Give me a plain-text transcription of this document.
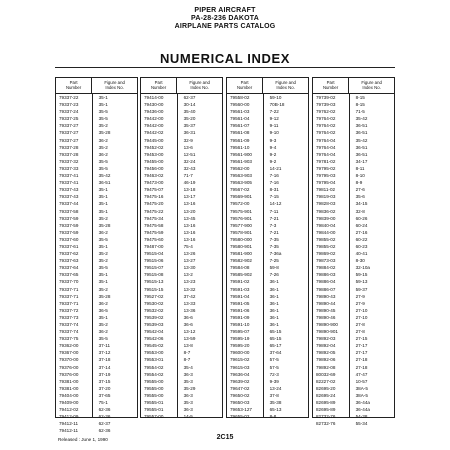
PIPER AIRCRAFT
PA-28-236 DAKOTA
AIRPLANE PARTS CATALOG
NUMERICAL INDEX
Part
Number
Figure and
Index No.
79337-22	35-1
79337-23	35-1
79337-24	35-5
79337-25	35-5
79337-27	35-2
79337-27	35-28
79337-27	36-2
79337-28	35-2
79337-28	36-2
79337-32	35-5
79337-33	35-5
79337-41	35-42
79337-41	36-51
79337-43	35-1
79337-43	35-1
79337-44	35-1
79337-58	35-1
79337-59	35-2
79337-59	35-28
79337-59	36-2
79337-60	35-5
79337-61	35-1
79337-62	35-2
79337-63	35-2
79337-64	35-5
79337-65	35-1
79337-70	35-1
79337-71	35-2
79337-71	35-28
79337-71	36-2
79337-72	36-5
79337-73	35-1
79337-74	35-2
79337-74	36-2
79337-75	35-5
79362-00	37-11
79367-00	37-12
79370-00	37-18
79376-00	37-14
79376-00	37-19
79381-00	37-15
79381-00	37-20
79404-00	37-65
79409-00	75-1
79412-02	62-36
79412-09	62-36
79412-11	62-37
79412-11	62-36
Part
Number
Figure and
Index No.
79414-00	62-37
79430-00	30-14
79436-00	35-40
79442-00	35-20
79442-00	35-37
79442-02	36-31
79445-00	32-9
79452-02	13-6
79453-00	12-51
79455-00	32-24
79456-00	32-43
79463-02	71-7
79473-00	46-19
79475-07	13-18
79475-16	13-17
79475-20	13-16
79475-22	13-20
79475-34	13-45
79475-58	13-16
79475-59	13-16
79475-60	13-16
79487-00	75-4
79515-04	13-26
79515-06	13-27
79515-07	13-30
79515-08	13-2
79515-13	13-23
79515-15	13-32
79527-02	37-42
79530-02	13-33
79532-02	13-36
79539-02	36-6
79539-03	36-6
79542-04	13-12
79542-06	13-59
79545-02	13-8
79553-00	8-7
79553-01	8-7
79554-02	35-4
79554-02	36-3
79555-00	35-3
79555-00	35-29
79555-00	36-3
79555-01	35-3
79555-01	36-3
79557-00	14-5
Part
Number
Figure and
Index No.
79558-02	59-10
79560-00	70B-18
79561-03	7-22
79561-04	9-12
79561-07	9-11
79561-08	9-10
79561-09	9-3
79561-10	9-4
79561-900	9-2
79561-903	9-2
79562-00	14-21
79563-903	7-16
79563-905	7-16
79567-02	8-31
79569-901	7-15
79572-00	14-12
79575-901	7-11
79576-901	7-21
79577-900	7-3
79578-901	7-21
79580-000	7-35
79580-901	7-35
79581-900	7-36a
79582-902	7-25
79584-08	59-8
79585-902	7-26
79591-02	36-1
79591-03	36-1
79591-04	36-1
79591-05	36-1
79591-06	36-1
79591-09	36-1
79591-10	36-1
79595-07	65-15
79595-19	65-15
79595-20	65-17
79600-00	37-64
79615-02	57-5
79615-03	57-5
79636-04	72-3
79639-02	9-39
79647-02	13-24
79650-02	37-8
79650-03	35-38
79653-127	65-13
79655-02	8-8
Part
Number
Figure and
Index No.
79739-02	8-15
79739-03	8-15
79762-02	71-5
79764-02	35-42
79764-02	36-51
79764-02	36-51
79764-04	35-42
79764-04	36-51
79764-04	36-51
79781-02	34-17
79795-02	8-11
79795-03	8-10
79795-04	8-9
79811-02	27-6
79819-03	35-6
79828-03	34-15
79836-02	32-8
79839-00	60-26
79840-04	60-24
79844-00	27-16
79855-02	60-22
79855-02	60-23
79869-02	40-41
79873-03	8-30
79884-02	32-10a
79886-03	59-15
79886-04	59-13
79886-07	59-37
79890-43	27-9
79890-44	27-9
79890-45	27-10
79890-46	27-10
79890-900	27-8
79890-901	27-8
79892-03	27-15
79892-04	27-17
79892-05	27-17
79892-06	27-18
79892-08	27-18
80032-69	47-47
82227-02	10-57
82695-20	38A-5
82695-24	38A-5
82695-89	36-44a
82695-89	36-44a
82732-76	54-38
82732-76	55-34
Released : June 1, 1990	2C15
